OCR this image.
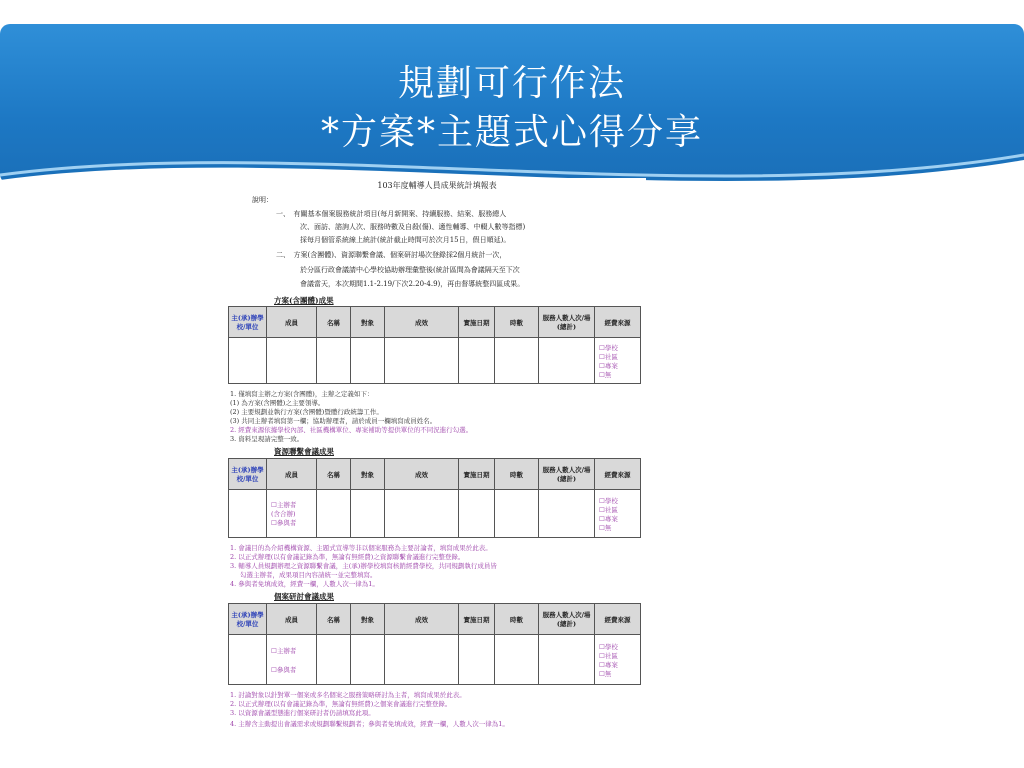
規劃可行作法
*方案*主題式心得分享
103年度輔導人員成果統計填報表
說明：
一、　有關基本個案服務統計項目(每月新開案、持續服務、結案、服務總人
次、面訪、諮詢人次、服務時數及自殺(傷)、適性輔導、中輟人數等指標)
採每月個管系統線上統計(統計截止時間可於次月15日，假日順延)。
二、　方案(含團體)、資源聯繫會議、個案研討場次登錄採2個月統計一次，
於分區行政會議請中心學校協助辦理彙整後(統計區間為會議隔天至下次
會議當天，本次期間1.1-2.19/下次2.20-4.9)，再由督導統整四區成果。
方案(含團體)成果
主(承)辦學校/單位	成員	名稱	對象	成效	實施日期	時數	服務人數人次/場(總計)	經費來源

								☐學校
☐社區
☐專案
☐無
1. 僅填寫主辦之方案(含團體)，主辦之定義如下：
(1) 為方案(含團體)之主要領導。
(2) 主要規劃並執行方案(含團體)暨體行政統籌工作。
(3) 共同主辦者填寫第一欄；協助辦理者，請於成員一欄填寫成員姓名。
2. 經費來源依據學校內部、社區機構單位、專案補助等提供單位的不同況進行勾選。
3. 資料呈現請完整一致。
資源聯繫會議成果
主(承)辦學校/單位	成員	名稱	對象	成效	實施日期	時數	服務人數人次/場(總計)	經費來源

	☐主辦者
(含合辦)
☐參與者							☐學校
☐社區
☐專案
☐無
1. 會議目的為介紹機構資源、主題式宣導等非以個案服務為主要討論者，填寫成果於此表。
2. 以正式辦理(以有會議記錄為準，無論有無經費)之資源聯繫會議進行完整登錄。
3. 輔導人員規劃辦理之資源聯繫會議，主(承)辦學校填寫核銷經費學校，共同規劃執行成員皆
勾選主辦者，成果項目內容請統一並完整填寫。
4. 參與者免填成效，經費一欄，人數人次一律為1。
個案研討會議成果
主(承)辦學校/單位	成員	名稱	對象	成效	實施日期	時數	服務人數人次/場(總計)	經費來源

	☐主辦者
☐參與者							☐學校
☐社區
☐專案
☐無
1. 討論對象以針對單一個案或多名個案之服務策略研討為主者，填寫成果於此表。
2. 以正式辦理(以有會議記錄為準，無論有無經費)之個案會議進行完整登錄。
3. 以資源會議型態進行個案研討者仍請填寫此項。
4. 主辦含主動提出會議需求或規劃聯繫規劃者；參與者免填成效，經費一欄，人數人次一律為1。
